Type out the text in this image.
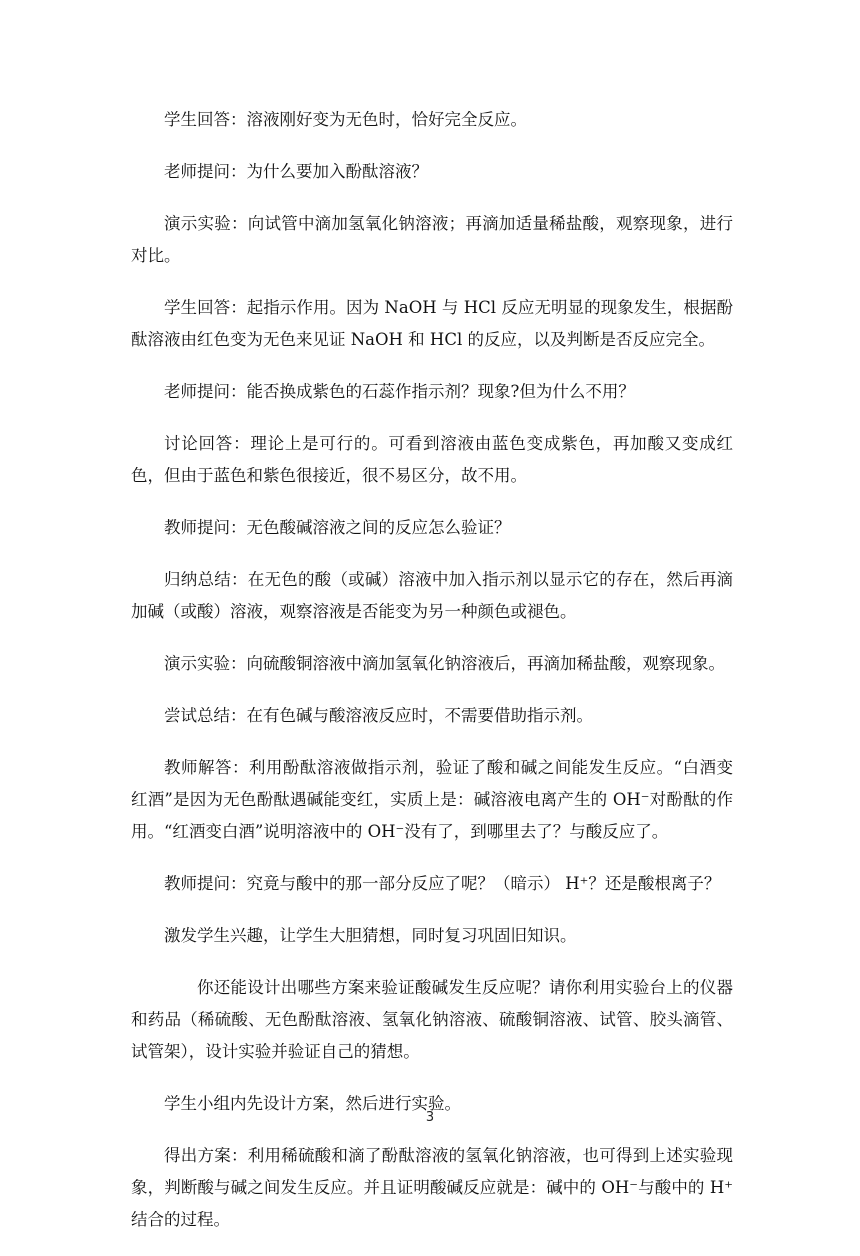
学生回答：溶液刚好变为无色时，恰好完全反应。

老师提问：为什么要加入酚酞溶液？

演示实验：向试管中滴加氢氧化钠溶液；再滴加适量稀盐酸，观察现象，进行对比。

学生回答：起指示作用。因为 NaOH 与 HCl 反应无明显的现象发生，根据酚酞溶液由红色变为无色来见证 NaOH 和 HCl 的反应，以及判断是否反应完全。

老师提问：能否换成紫色的石蕊作指示剂？现象?但为什么不用？

讨论回答：理论上是可行的。可看到溶液由蓝色变成紫色，再加酸又变成红色，但由于蓝色和紫色很接近，很不易区分，故不用。

教师提问：无色酸碱溶液之间的反应怎么验证？

归纳总结：在无色的酸（或碱）溶液中加入指示剂以显示它的存在，然后再滴加碱（或酸）溶液，观察溶液是否能变为另一种颜色或褪色。

演示实验：向硫酸铜溶液中滴加氢氧化钠溶液后，再滴加稀盐酸，观察现象。

尝试总结：在有色碱与酸溶液反应时，不需要借助指示剂。

教师解答：利用酚酞溶液做指示剂，验证了酸和碱之间能发生反应。“白酒变红酒”是因为无色酚酞遇碱能变红，实质上是：碱溶液电离产生的 OH⁻对酚酞的作用。“红酒变白酒”说明溶液中的 OH⁻没有了，到哪里去了？与酸反应了。

教师提问：究竟与酸中的那一部分反应了呢？（暗示） H⁺？还是酸根离子？

激发学生兴趣，让学生大胆猜想，同时复习巩固旧知识。

你还能设计出哪些方案来验证酸碱发生反应呢？请你利用实验台上的仪器和药品（稀硫酸、无色酚酞溶液、氢氧化钠溶液、硫酸铜溶液、试管、胶头滴管、试管架），设计实验并验证自己的猜想。

学生小组内先设计方案，然后进行实验。

得出方案：利用稀硫酸和滴了酚酞溶液的氢氧化钠溶液，也可得到上述实验现象，判断酸与碱之间发生反应。并且证明酸碱反应就是：碱中的 OH⁻与酸中的 H⁺结合的过程。

3
